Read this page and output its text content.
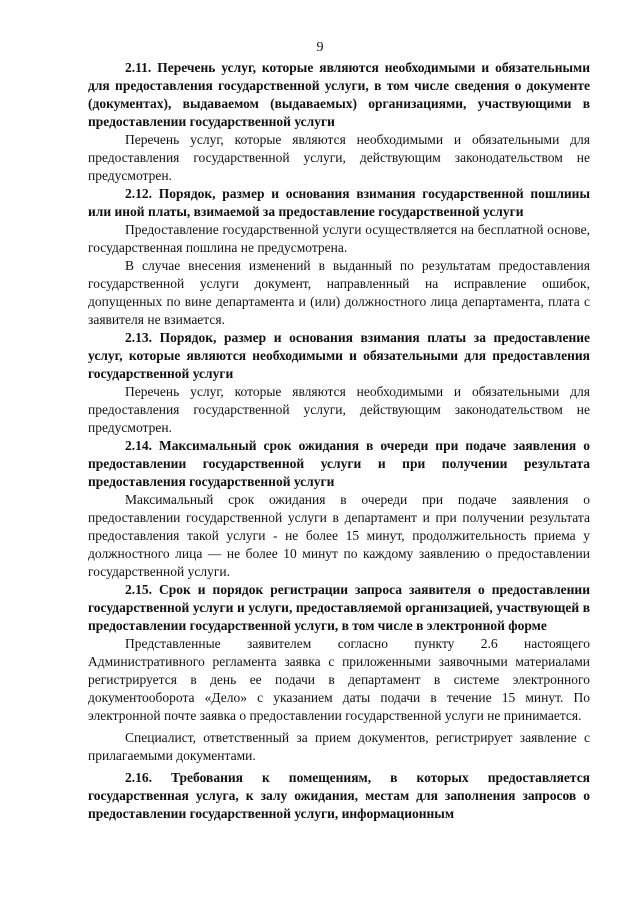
9

2.11. Перечень услуг, которые являются необходимыми и обязательными для предоставления государственной услуги, в том числе сведения о документе (документах), выдаваемом (выдаваемых) организациями, участвующими в предоставлении государственной услуги

Перечень услуг, которые являются необходимыми и обязательными для предоставления государственной услуги, действующим законодательством не предусмотрен.

2.12. Порядок, размер и основания взимания государственной пошлины или иной платы, взимаемой за предоставление государственной услуги

Предоставление государственной услуги осуществляется на бесплатной основе, государственная пошлина не предусмотрена.

В случае внесения изменений в выданный по результатам предоставления государственной услуги документ, направленный на исправление ошибок, допущенных по вине департамента и (или) должностного лица департамента, плата с заявителя не взимается.

2.13. Порядок, размер и основания взимания платы за предоставление услуг, которые являются необходимыми и обязательными для предоставления государственной услуги

Перечень услуг, которые являются необходимыми и обязательными для предоставления государственной услуги, действующим законодательством не предусмотрен.

2.14. Максимальный срок ожидания в очереди при подаче заявления о предоставлении государственной услуги и при получении результата предоставления государственной услуги

Максимальный срок ожидания в очереди при подаче заявления о предоставлении государственной услуги в департамент и при получении результата предоставления такой услуги - не более 15 минут, продолжительность приема у должностного лица — не более 10 минут по каждому заявлению о предоставлении государственной услуги.

2.15. Срок и порядок регистрации запроса заявителя о предоставлении государственной услуги и услуги, предоставляемой организацией, участвующей в предоставлении государственной услуги, в том числе в электронной форме

Представленные заявителем согласно пункту 2.6 настоящего Административного регламента заявка с приложенными заявочными материалами регистрируется в день ее подачи в департамент в системе электронного документооборота «Дело» с указанием даты подачи в течение 15 минут. По электронной почте заявка о предоставлении государственной услуги не принимается.

Специалист, ответственный за прием документов, регистрирует заявление с прилагаемыми документами.

2.16. Требования к помещениям, в которых предоставляется государственная услуга, к залу ожидания, местам для заполнения запросов о предоставлении государственной услуги, информационным
